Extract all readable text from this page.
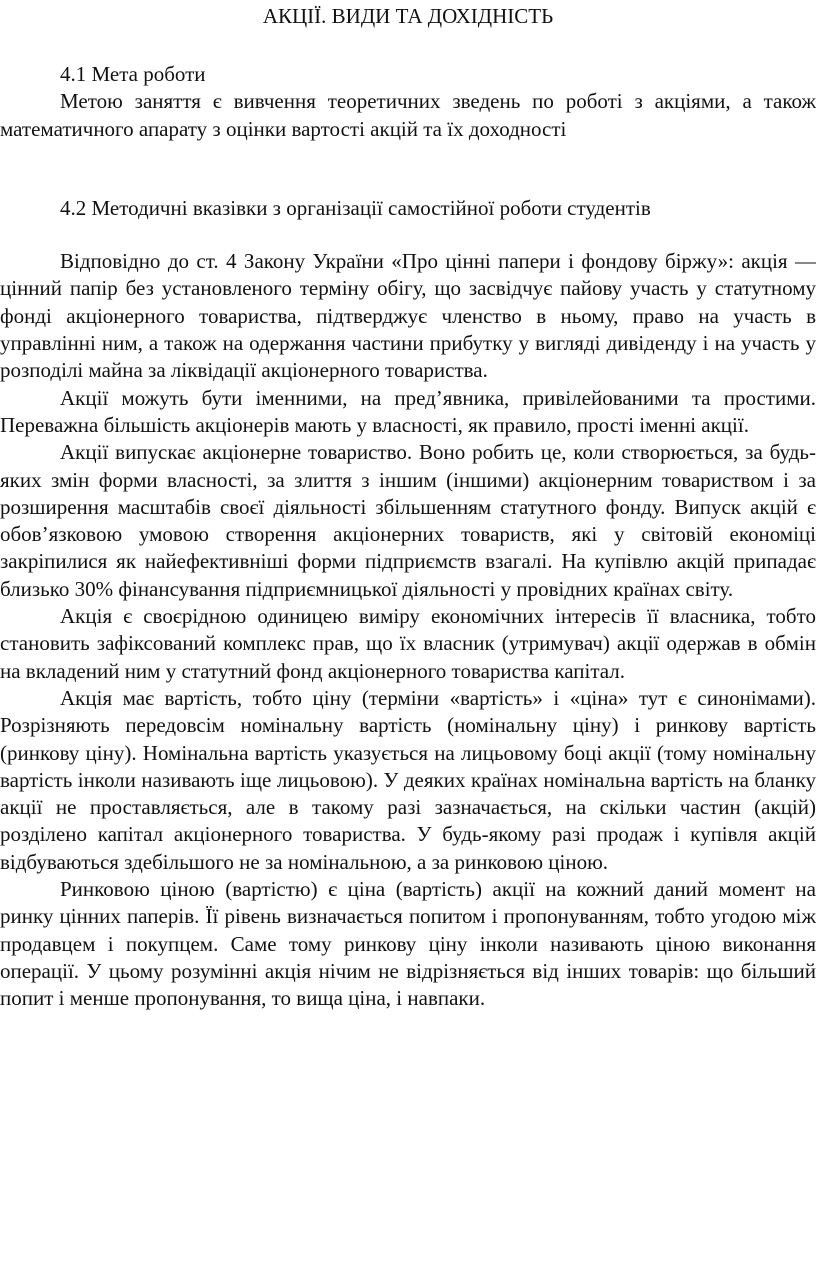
АКЦІЇ. ВИДИ ТА ДОХІДНІСТЬ
4.1 Мета роботи

Метою заняття є вивчення теоретичних зведень по роботі з акціями, а також математичного апарату з оцінки вартості акцій та їх доходності

4.2 Методичні вказівки з організації самостійної роботи студентів

Відповідно до ст. 4 Закону України «Про цінні папери і фондову біржу»: акція — цінний папір без установленого терміну обігу, що засвідчує пайову участь у статутному фонді акціонерного товариства, підтверджує членство в ньому, право на участь в управлінні ним, а також на одержання частини прибутку у вигляді дивіденду і на участь у розподілі майна за ліквідації акціонерного товариства.

Акції можуть бути іменними, на пред’явника, привілейованими та простими. Переважна більшість акціонерів мають у власності, як правило, прості іменні акції.

Акції випускає акціонерне товариство. Воно робить це, коли створюється, за будь-яких змін форми власності, за злиття з іншим (іншими) акціонерним товариством і за розширення масштабів своєї діяльності збільшенням статутного фонду. Випуск акцій є обов’язковою умовою створення акціонерних товариств, які у світовій економіці закріпилися як найефективніші форми підприємств взагалі. На купівлю акцій припадає близько 30% фінансування підприємницької діяльності у провідних країнах світу.

Акція є своєрідною одиницею виміру економічних інтересів її власника, тобто становить зафіксований комплекс прав, що їх власник (утримувач) акції одержав в обмін на вкладений ним у статутний фонд акціонерного товариства капітал.

Акція має вартість, тобто ціну (терміни «вартість» і «ціна» тут є синонімами). Розрізняють передовсім номінальну вартість (номінальну ціну) і ринкову вартість (ринкову ціну). Номінальна вартість указується на лицьовому боці акції (тому номінальну вартість інколи називають іще лицьовою). У деяких країнах номінальна вартість на бланку акції не проставляється, але в такому разі зазначається, на скільки частин (акцій) розділено капітал акціонерного товариства. У будь-якому разі продаж і купівля акцій відбуваються здебільшого не за номінальною, а за ринковою ціною.

Ринковою ціною (вартістю) є ціна (вартість) акції на кожний даний момент на ринку цінних паперів. Її рівень визначається попитом і пропонуванням, тобто угодою між продавцем і покупцем. Саме тому ринкову ціну інколи називають ціною виконання операції. У цьому розумінні акція нічим не відрізняється від інших товарів: що більший попит і менше пропонування, то вища ціна, і навпаки.
